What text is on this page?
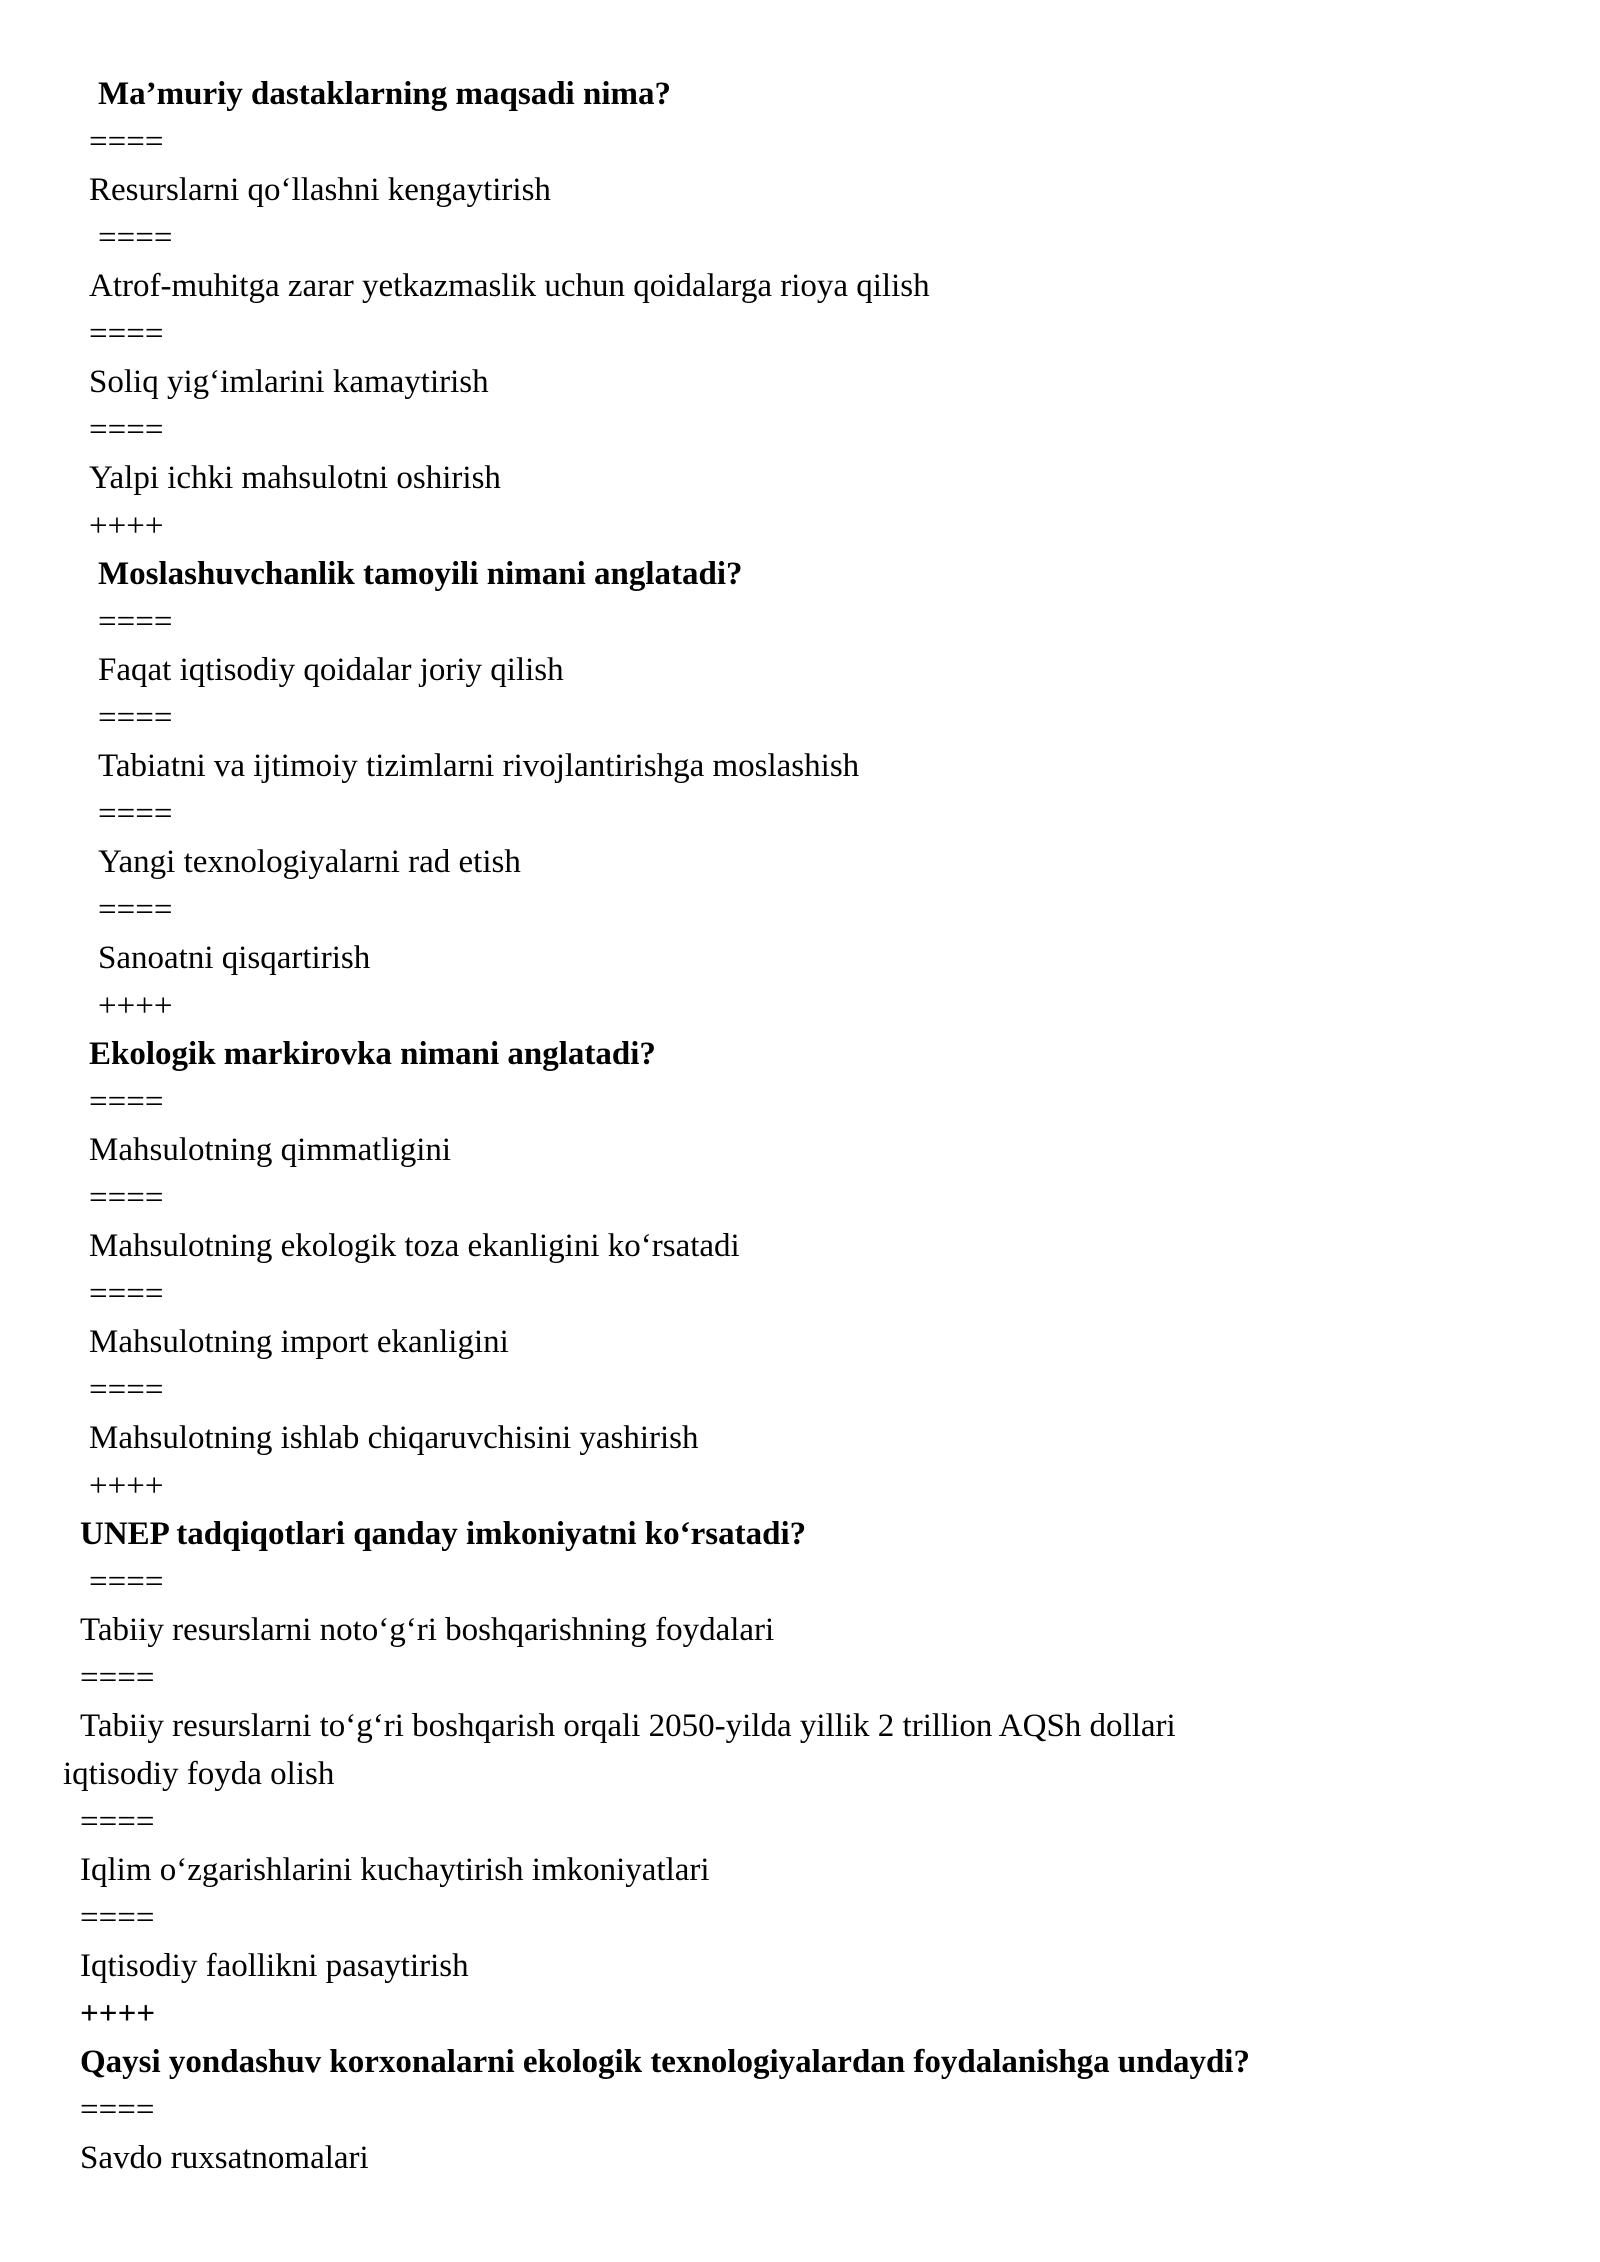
Ma’muriy dastaklarning maqsadi nima?
====
Resurslarni qoʻllashni kengaytirish
====
Atrof-muhitga zarar yetkazmaslik uchun qoidalarga rioya qilish
====
Soliq yigʻimlarini kamaytirish
====
Yalpi ichki mahsulotni oshirish
++++
Moslashuvchanlik tamoyili nimani anglatadi?
====
Faqat iqtisodiy qoidalar joriy qilish
====
Tabiatni va ijtimoiy tizimlarni rivojlantirishga moslashish
====
Yangi texnologiyalarni rad etish
====
Sanoatni qisqartirish
++++
Ekologik markirovka nimani anglatadi?
====
Mahsulotning qimmatligini
====
Mahsulotning ekologik toza ekanligini koʻrsatadi
====
Mahsulotning import ekanligini
====
Mahsulotning ishlab chiqaruvchisini yashirish
++++
UNEP tadqiqotlari qanday imkoniyatni koʻrsatadi?
====
Tabiiy resurslarni notoʻgʻri boshqarishning foydalari
====
Tabiiy resurslarni toʻgʻri boshqarish orqali 2050-yilda yillik 2 trillion AQSh dollari
iqtisodiy foyda olish
====
Iqlim oʻzgarishlarini kuchaytirish imkoniyatlari
====
Iqtisodiy faollikni pasaytirish
++++
Qaysi yondashuv korxonalarni ekologik texnologiyalardan foydalanishga undaydi?
====
Savdo ruxsatnomalari
